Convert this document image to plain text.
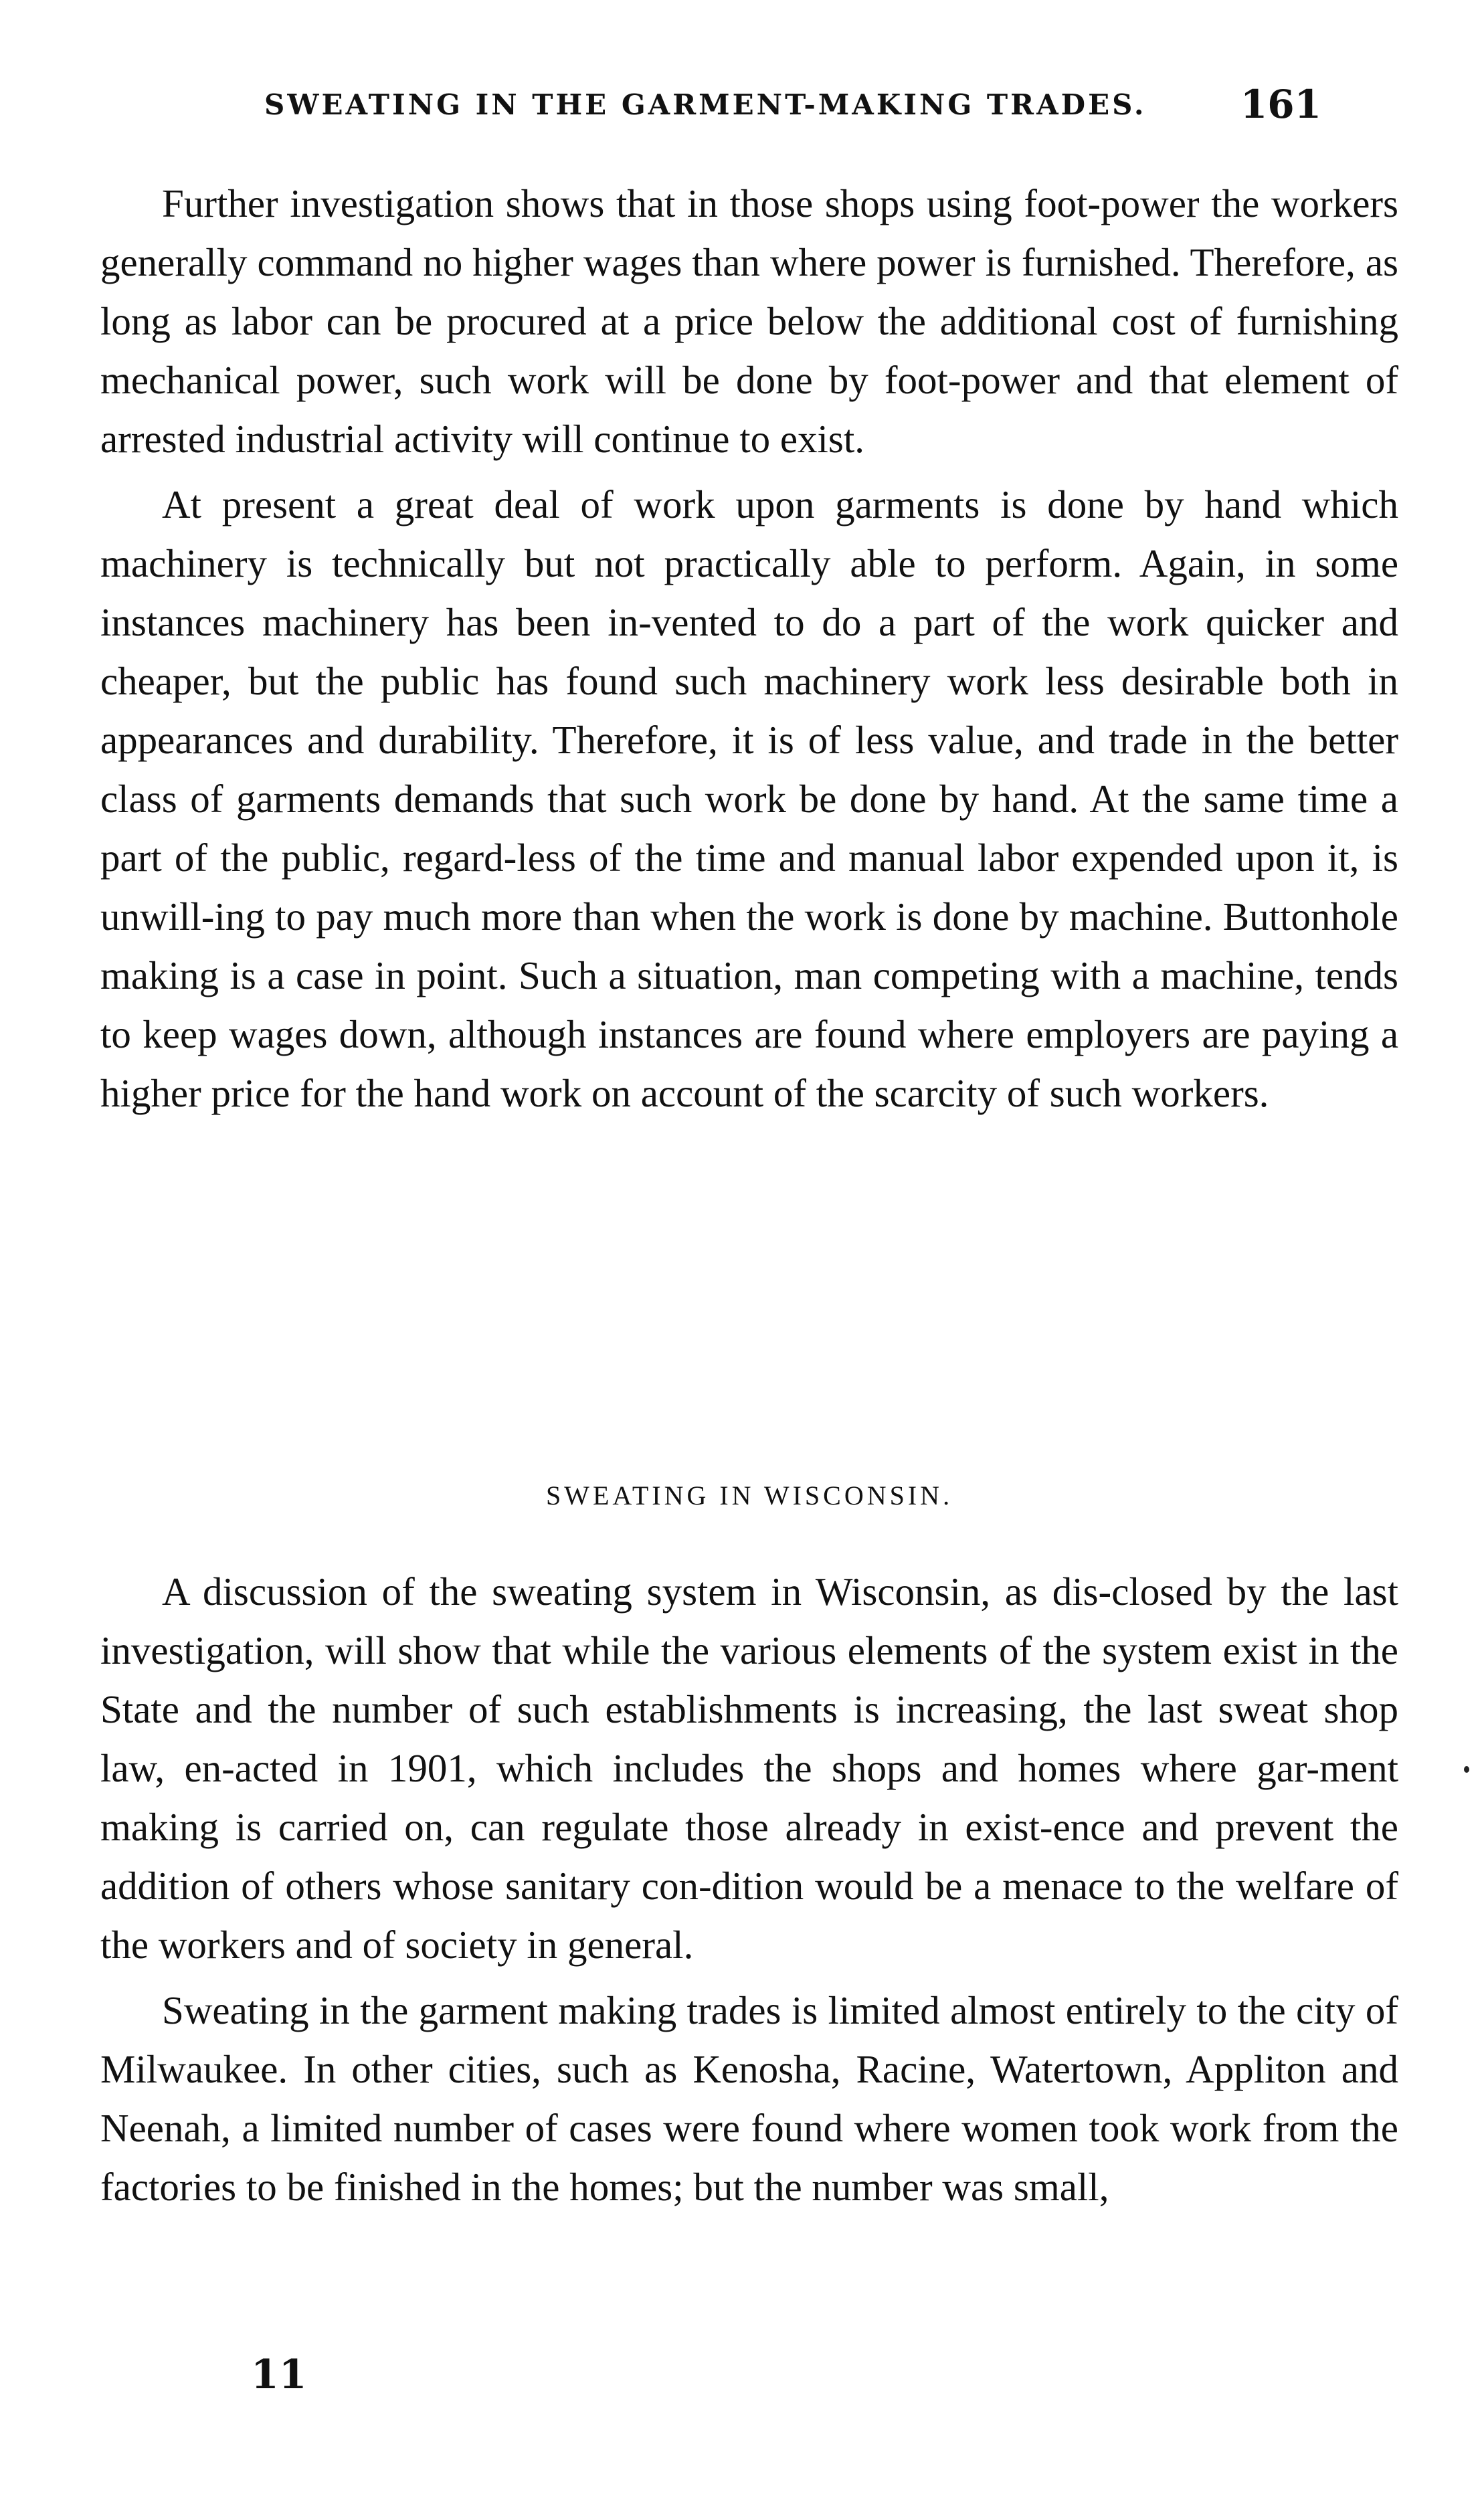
SWEATING IN THE GARMENT-MAKING TRADES. 161

Further investigation shows that in those shops using foot-power the workers generally command no higher wages than where power is furnished. Therefore, as long as labor can be procured at a price below the additional cost of furnishing mechanical power, such work will be done by foot-power and that element of arrested industrial activity will continue to exist.

At present a great deal of work upon garments is done by hand which machinery is technically but not practically able to perform. Again, in some instances machinery has been in-vented to do a part of the work quicker and cheaper, but the public has found such machinery work less desirable both in appearances and durability. Therefore, it is of less value, and trade in the better class of garments demands that such work be done by hand. At the same time a part of the public, regard-less of the time and manual labor expended upon it, is unwill-ing to pay much more than when the work is done by machine. Buttonhole making is a case in point. Such a situation, man competing with a machine, tends to keep wages down, although instances are found where employers are paying a higher price for the hand work on account of the scarcity of such workers.

SWEATING IN WISCONSIN.

A discussion of the sweating system in Wisconsin, as dis-closed by the last investigation, will show that while the various elements of the system exist in the State and the number of such establishments is increasing, the last sweat shop law, en-acted in 1901, which includes the shops and homes where gar-ment making is carried on, can regulate those already in exist-ence and prevent the addition of others whose sanitary con-dition would be a menace to the welfare of the workers and of society in general.

Sweating in the garment making trades is limited almost entirely to the city of Milwaukee. In other cities, such as Kenosha, Racine, Watertown, Appliton and Neenah, a limited number of cases were found where women took work from the factories to be finished in the homes; but the number was small,

11
